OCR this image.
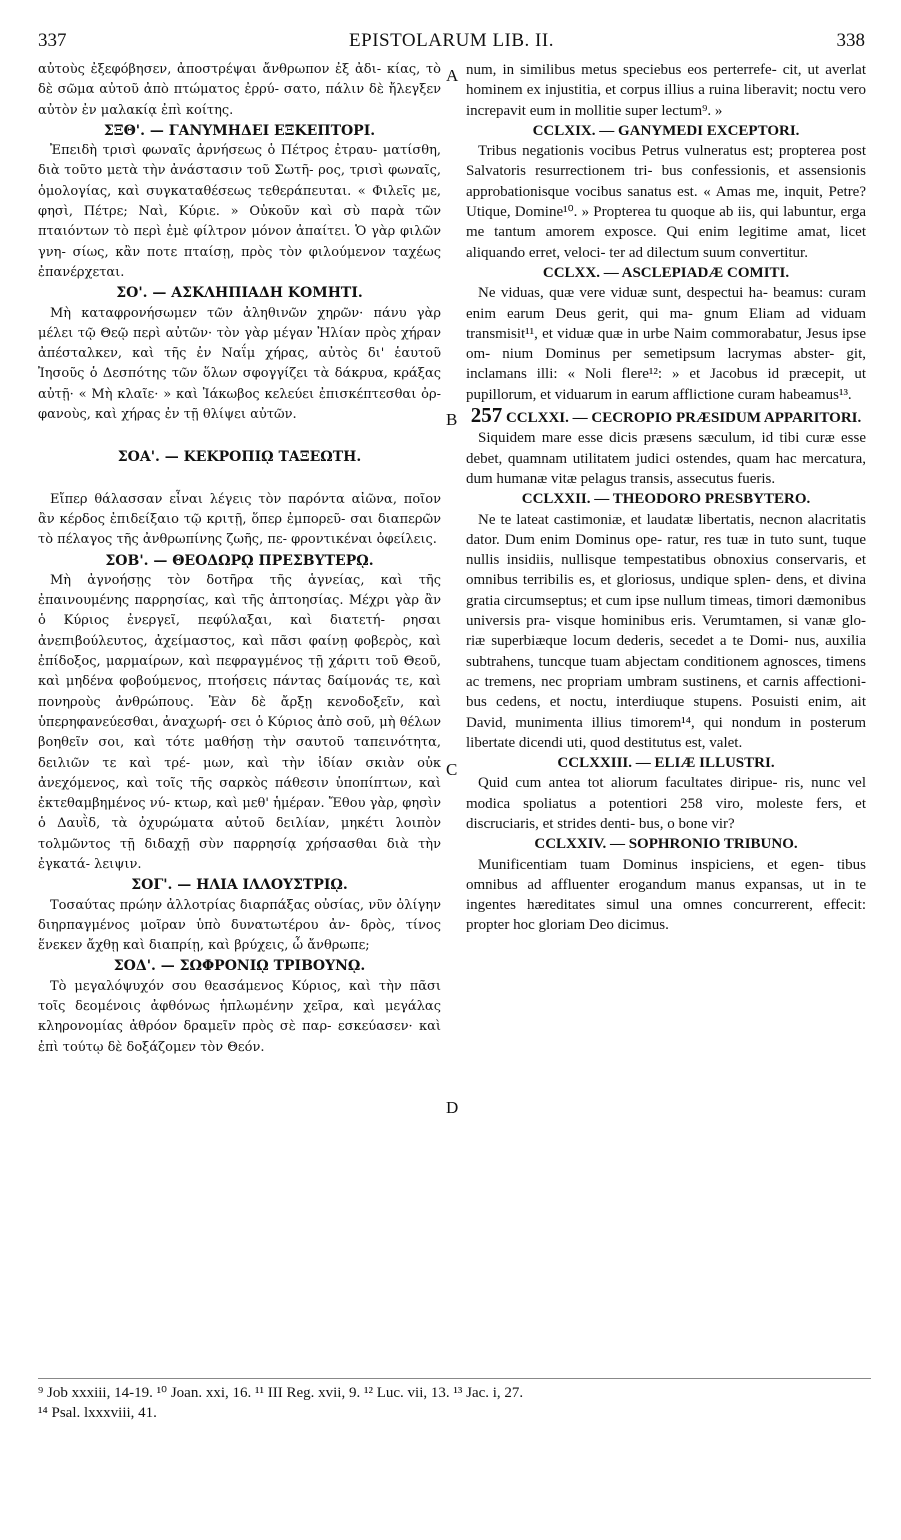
337	EPISTOLARUM LIB. II.	338
A
B
C
D

αὐτοὺς ἐξεφόβησεν, ἀποστρέψαι ἄνθρωπον ἐξ ἀδι- κίας, τὸ δὲ σῶμα αὐτοῦ ἀπὸ πτώματος ἐρρύ- σατο, πάλιν δὲ ἤλεγξεν αὐτὸν ἐν μαλακίᾳ ἐπὶ κοίτης.

ΣΞΘ'. — ΓΑΝΥΜΗΔΕΙ ΕΞΚΕΠΤΟΡΙ.

Ἐπειδὴ τρισὶ φωναῖς ἀρνήσεως ὁ Πέτρος ἐτραυ- ματίσθη, διὰ τοῦτο μετὰ τὴν ἀνάστασιν τοῦ Σωτῆ- ρος, τρισὶ φωναῖς, ὁμολογίας, καὶ συγκαταθέσεως τεθεράπευται. « Φιλεῖς με, φησὶ, Πέτρε; Ναὶ, Κύριε. » Οὐκοῦν καὶ σὺ παρὰ τῶν πταιόντων τὸ περὶ ἐμὲ φίλτρον μόνον ἀπαίτει. Ὁ γὰρ φιλῶν γνη- σίως, κἂν ποτε πταίσῃ, πρὸς τὸν φιλούμενον ταχέως ἐπανέρχεται.

ΣΟ'. — ΑΣΚΛΗΠΙΑΔΗ ΚΟΜΗΤΙ.

Μὴ καταφρονήσωμεν τῶν ἀληθινῶν χηρῶν· πάνυ γὰρ μέλει τῷ Θεῷ περὶ αὐτῶν· τὸν γὰρ μέγαν Ἠλίαν πρὸς χήραν ἀπέσταλκεν, καὶ τῆς ἐν Ναΐμ χήρας, αὐτὸς δι' ἑαυτοῦ Ἰησοῦς ὁ Δεσπότης τῶν ὅλων σφογγίζει τὰ δάκρυα, κράξας αὐτῇ· « Μὴ κλαῖε· » καὶ Ἰάκωβος κελεύει ἐπισκέπτεσθαι ὀρ- φανοὺς, καὶ χήρας ἐν τῇ θλίψει αὐτῶν.

ΣΟΑ'. — ΚΕΚΡΟΠΙῼ ΤΑΞΕΩΤΗ.

Εἴπερ θάλασσαν εἶναι λέγεις τὸν παρόντα αἰῶνα, ποῖον ἂν κέρδος ἐπιδείξαιο τῷ κριτῇ, ὅπερ ἐμπορεῦ- σαι διαπερῶν τὸ πέλαγος τῆς ἀνθρωπίνης ζωῆς, πε- φροντικέναι ὀφείλεις.

ΣΟΒ'. — ΘΕΟΔΩΡῼ ΠΡΕΣΒΥΤΕΡῼ.

Μὴ ἀγνοήσῃς τὸν δοτῆρα τῆς ἁγνείας, καὶ τῆς ἐπαινουμένης παρρησίας, καὶ τῆς ἀπτοησίας. Μέχρι γὰρ ἂν ὁ Κύριος ἐνεργεῖ, πεφύλαξαι, καὶ διατετή- ρησαι ἀνεπιβούλευτος, ἀχείμαστος, καὶ πᾶσι φαίνῃ φοβερὸς, καὶ ἐπίδοξος, μαρμαίρων, καὶ πεφραγμένος τῇ χάριτι τοῦ Θεοῦ, καὶ μηδένα φοβούμενος, πτοήσεις πάντας δαίμονάς τε, καὶ πονηροὺς ἀνθρώπους. Ἐὰν δὲ ἄρξῃ κενοδοξεῖν, καὶ ὑπερηφανεύεσθαι, ἀναχωρή- σει ὁ Κύριος ἀπὸ σοῦ, μὴ θέλων βοηθεῖν σοι, καὶ τότε μαθήσῃ τὴν σαυτοῦ ταπεινότητα, δειλιῶν τε καὶ τρέ- μων, καὶ τὴν ἰδίαν σκιὰν οὐκ ἀνεχόμενος, καὶ τοῖς τῆς σαρκὸς πάθεσιν ὑποπίπτων, καὶ ἐκτεθαμβημένος νύ- κτωρ, καὶ μεθ' ἡμέραν. Ἔθου γὰρ, φησὶν ὁ Δαυῒδ, τὰ ὀχυρώματα αὐτοῦ δειλίαν, μηκέτι λοιπὸν τολμῶντος τῇ διδαχῇ σὺν παρρησίᾳ χρήσασθαι διὰ τὴν ἐγκατά- λειψιν.

ΣΟΓ'. — ΗΛΙΑ ΙΛΛΟΥΣΤΡΙῼ.

Τοσαύτας πρώην ἀλλοτρίας διαρπάξας οὐσίας, νῦν ὀλίγην διηρπαγμένος μοῖραν ὑπὸ δυνατωτέρου ἀν- δρὸς, τίνος ἕνεκεν ἄχθῃ καὶ διαπρίῃ, καὶ βρύχεις, ὦ ἄνθρωπε;

ΣΟΔ'. — ΣΩΦΡΟΝΙῼ ΤΡΙΒΟΥΝῼ.

Τὸ μεγαλόψυχόν σου θεασάμενος Κύριος, καὶ τὴν πᾶσι τοῖς δεομένοις ἀφθόνως ἡπλωμένην χεῖρα, καὶ μεγάλας κληρονομίας ἀθρόον δραμεῖν πρὸς σὲ παρ- εσκεύασεν· καὶ ἐπὶ τούτῳ δὲ δοξάζομεν τὸν Θεόν.

num, in similibus metus speciebus eos perterrefe- cit, ut averlat hominem ex injustitia, et corpus illius a ruina liberavit; noctu vero increpavit eum in mollitie super lectum⁹. »

CCLXIX. — GANYMEDI EXCEPTORI.

Tribus negationis vocibus Petrus vulneratus est; propterea post Salvatoris resurrectionem tri- bus confessionis, et assensionis approbationisque vocibus sanatus est. « Amas me, inquit, Petre? Utique, Domine¹⁰. » Propterea tu quoque ab iis, qui labuntur, erga me tantum amorem exposce. Qui enim legitime amat, licet aliquando erret, veloci- ter ad dilectum suum convertitur.

CCLXX. — ASCLEPIADÆ COMITI.

Ne viduas, quæ vere viduæ sunt, despectui ha- beamus: curam enim earum Deus gerit, qui ma- gnum Eliam ad viduam transmisit¹¹, et viduæ quæ in urbe Naim commorabatur, Jesus ipse om- nium Dominus per semetipsum lacrymas abster- git, inclamans illi: « Noli flere¹²: » et Jacobus id præcepit, ut pupillorum, et viduarum in earum afflictione curam habeamus¹³.

257 CCLXXI. — CECROPIO PRÆSIDUM APPARITORI.

Siquidem mare esse dicis præsens sæculum, id tibi curæ esse debet, quamnam utilitatem judici ostendes, quam hac mercatura, dum humanæ vitæ pelagus transis, assecutus fueris.

CCLXXII. — THEODORO PRESBYTERO.

Ne te lateat castimoniæ, et laudatæ libertatis, necnon alacritatis dator. Dum enim Dominus ope- ratur, res tuæ in tuto sunt, tuque nullis insidiis, nullisque tempestatibus obnoxius conservaris, et omnibus terribilis es, et gloriosus, undique splen- dens, et divina gratia circumseptus; et cum ipse nullum timeas, timori dæmonibus universis pra- visque hominibus eris. Verumtamen, si vanæ glo- riæ superbiæque locum dederis, secedet a te Domi- nus, auxilia subtrahens, tuncque tuam abjectam conditionem agnosces, timens ac tremens, nec propriam umbram sustinens, et carnis affectioni- bus cedens, et noctu, interdiuque stupens. Posuisti enim, ait David, munimenta illius timorem¹⁴, qui nondum in posterum libertate dicendi uti, quod destitutus est, valet.

CCLXXIII. — ELIÆ ILLUSTRI.

Quid cum antea tot aliorum facultates diripue- ris, nunc vel modica spoliatus a potentiori 258 viro, moleste fers, et discruciaris, et strides denti- bus, o bone vir?

CCLXXIV. — SOPHRONIO TRIBUNO.

Munificentiam tuam Dominus inspiciens, et egen- tibus omnibus ad affluenter erogandum manus expansas, ut in te ingentes hæreditates simul una omnes concurrerent, effecit: propter hoc gloriam Deo dicimus.

⁹ Job xxxiii, 14-19. ¹⁰ Joan. xxi, 16. ¹¹ III Reg. xvii, 9. ¹² Luc. vii, 13. ¹³ Jac. i, 27.
¹⁴ Psal. lxxxviii, 41.
